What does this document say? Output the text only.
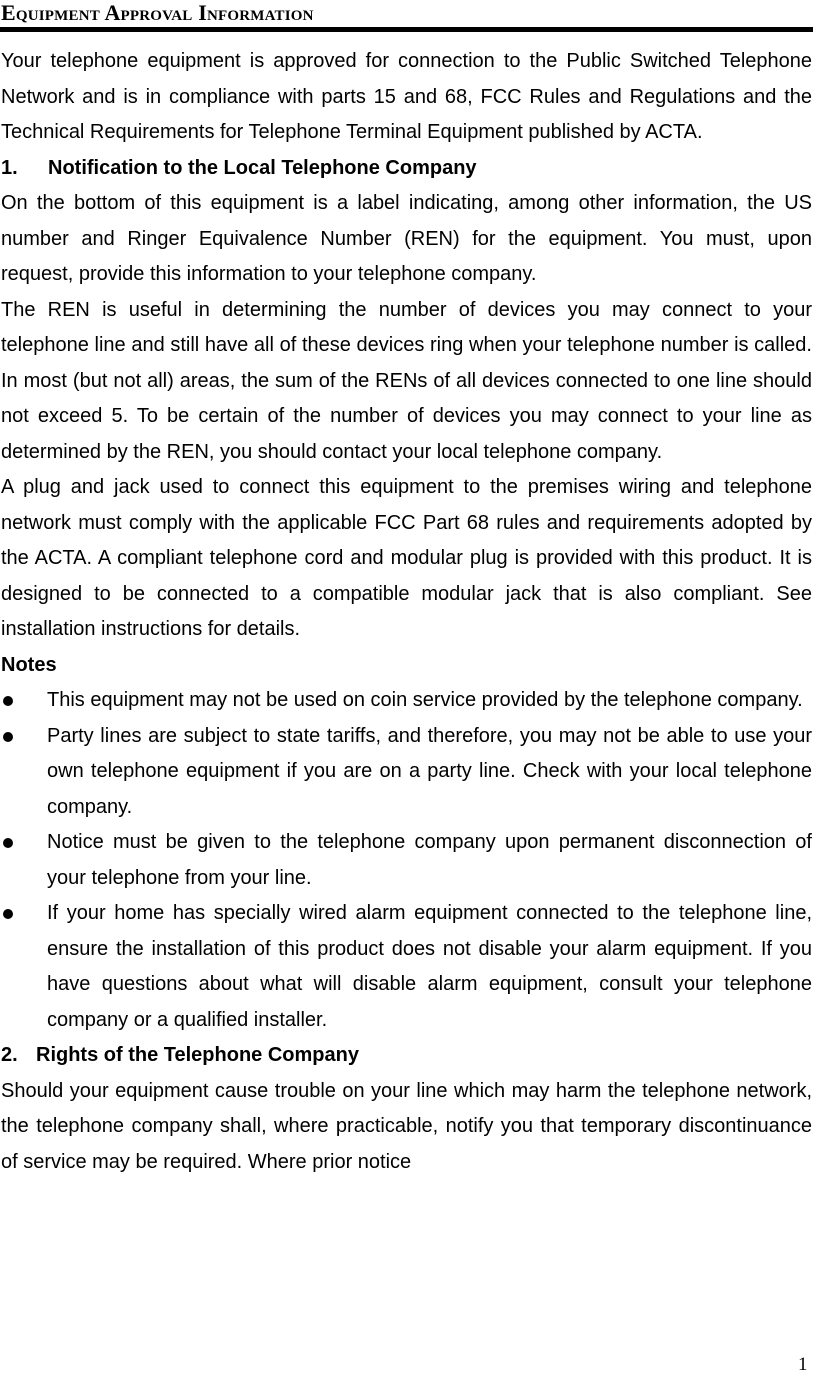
Equipment Approval Information

Your telephone equipment is approved for connection to the Public Switched Telephone Network and is in compliance with parts 15 and 68, FCC Rules and Regulations and the Technical Requirements for Telephone Terminal Equipment published by ACTA.

1.	Notification to the Local Telephone Company

On the bottom of this equipment is a label indicating, among other information, the US number and Ringer Equivalence Number (REN) for the equipment. You must, upon request, provide this information to your telephone company.

The REN is useful in determining the number of devices you may connect to your telephone line and still have all of these devices ring when your telephone number is called. In most (but not all) areas, the sum of the RENs of all devices connected to one line should not exceed 5. To be certain of the number of devices you may connect to your line as determined by the REN, you should contact your local telephone company.

A plug and jack used to connect this equipment to the premises wiring and telephone network must comply with the applicable FCC Part 68 rules and requirements adopted by the ACTA. A compliant telephone cord and modular plug is provided with this product. It is designed to be connected to a compatible modular jack that is also compliant. See installation instructions for details.

Notes

This equipment may not be used on coin service provided by the telephone company.
Party lines are subject to state tariffs, and therefore, you may not be able to use your own telephone equipment if you are on a party line. Check with your local telephone company.
Notice must be given to the telephone company upon permanent disconnection of your telephone from your line.
If your home has specially wired alarm equipment connected to the telephone line, ensure the installation of this product does not disable your alarm equipment. If you have questions about what will disable alarm equipment, consult your telephone company or a qualified installer.
2. Rights of the Telephone Company

Should your equipment cause trouble on your line which may harm the telephone network, the telephone company shall, where practicable, notify you that temporary discontinuance of service may be required. Where prior notice

1
